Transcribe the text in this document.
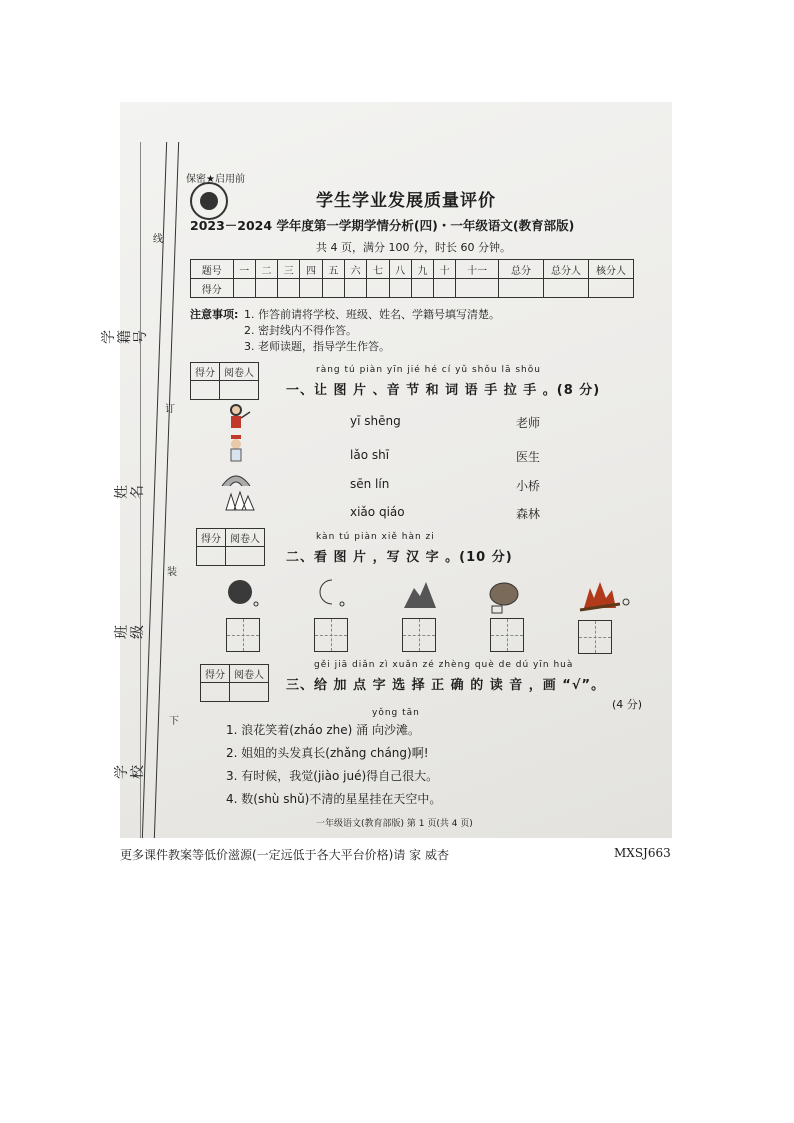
学籍号
姓名
班级
学校
线
订
装
下
保密★启用前
学生学业发展质量评价
2023－2024 学年度第一学期学情分析(四)・一年级语文(教育部版)
共 4 页，满分 100 分，时长 60 分钟。
题号	一	二	三	四	五	六	七	八	九	十	十一	总分	总分人	核分人
得分														
注意事项: 1. 作答前请将学校、班级、姓名、学籍号填写清楚。
2. 密封线内不得作答。
3. 老师读题，指导学生作答。
得分	阅卷人
		ràng tú piàn yīn jié hé cí yǔ shǒu lā shǒu
一、让 图 片 、音 节 和 词 语 手 拉 手 。(8 分)
yī shēng
lǎo shī
sēn lín
xiǎo qiáo
老师
医生
小桥
森林
得分	阅卷人
		kàn tú piàn xiě hàn zi
二、看 图 片 ，写 汉 字 。(10 分)
得分	阅卷人

gěi jiā diǎn zì xuǎn zé zhèng què de dú yīn huà
三、给 加 点 字 选 择 正 确 的 读 音 ，画 “√”。
(4 分)
yǒng tān
1. 浪花笑着(zháo zhe) 涌 向沙滩。
2. 姐姐的头发真长(zhǎng cháng)啊!
3. 有时候，我觉(jiào jué)得自己很大。
4. 数(shù shǔ)不清的星星挂在天空中。
一年级语文(教育部版) 第 1 页(共 4 页)
更多课件教案等低价滋源(一定远低于各大平台价格)请 家 威杏	MXSJ663
